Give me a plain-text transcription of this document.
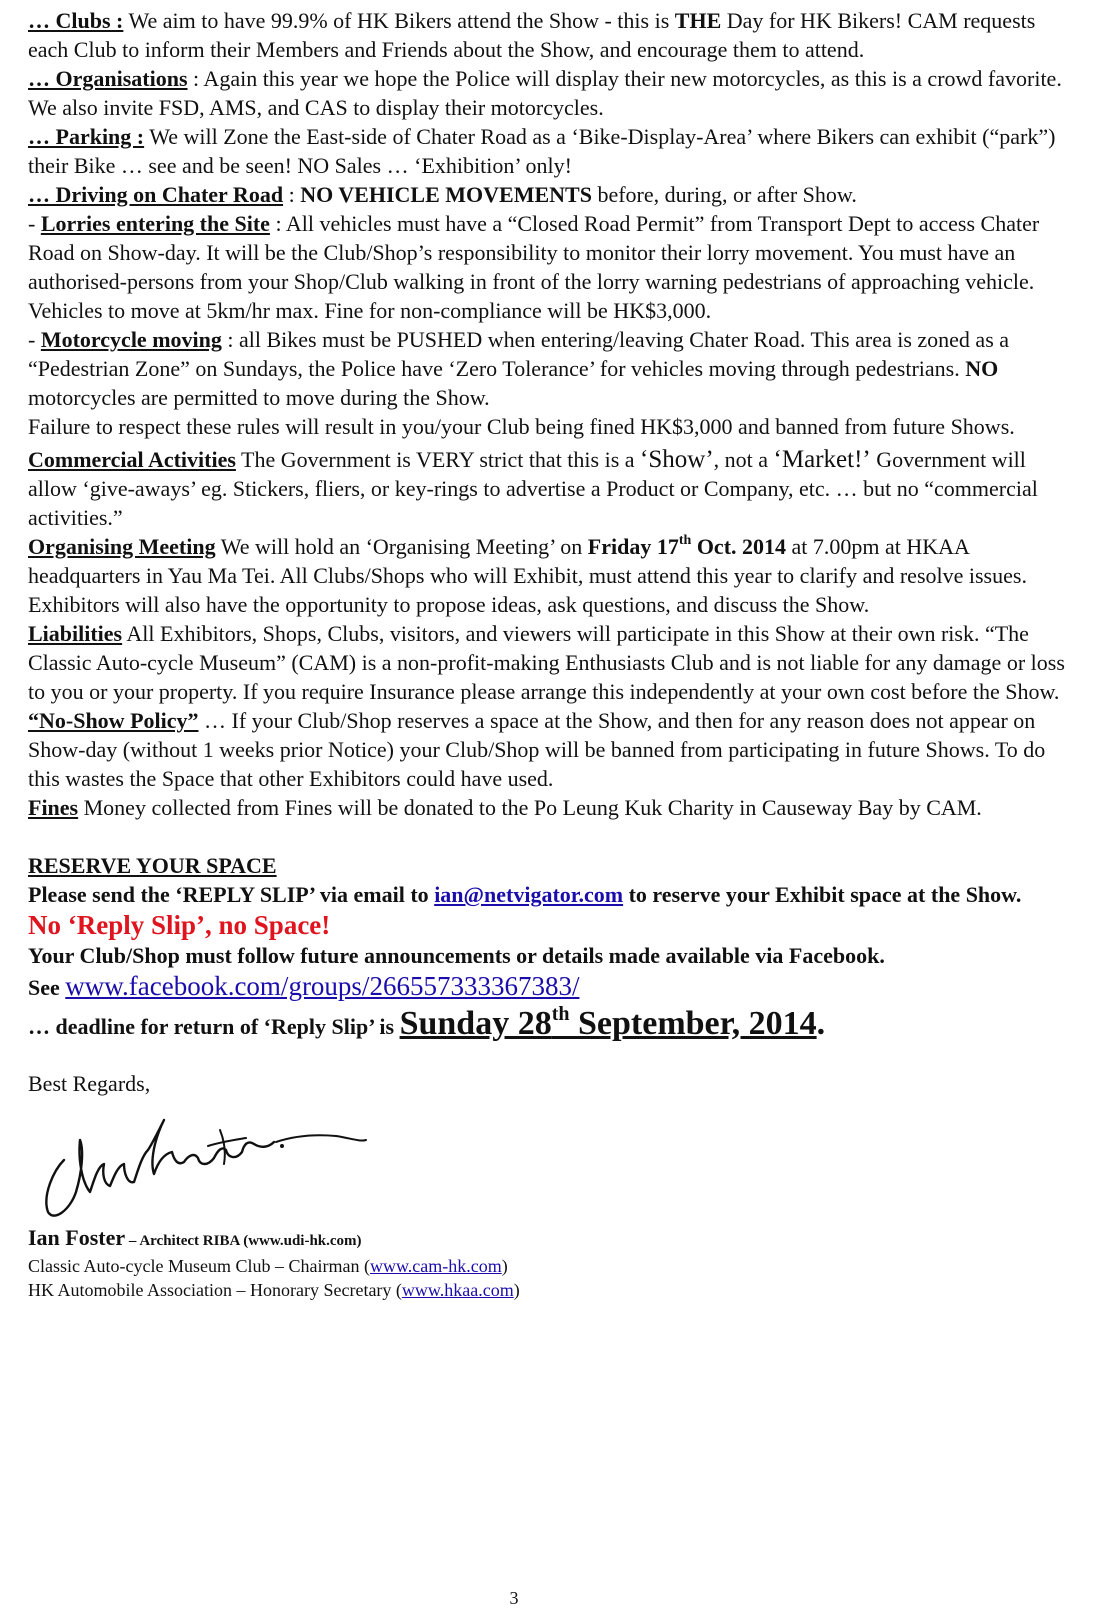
… Clubs : We aim to have 99.9% of HK Bikers attend the Show - this is THE Day for HK Bikers! CAM requests each Club to inform their Members and Friends about the Show, and encourage them to attend.

… Organisations : Again this year we hope the Police will display their new motorcycles, as this is a crowd favorite. We also invite FSD, AMS, and CAS to display their motorcycles.

… Parking : We will Zone the East-side of Chater Road as a ‘Bike-Display-Area’ where Bikers can exhibit (“park”) their Bike … see and be seen! NO Sales … ‘Exhibition’ only!

… Driving on Chater Road : NO VEHICLE MOVEMENTS before, during, or after Show.

- Lorries entering the Site : All vehicles must have a “Closed Road Permit” from Transport Dept to access Chater Road on Show-day. It will be the Club/Shop’s responsibility to monitor their lorry movement. You must have an authorised-persons from your Shop/Club walking in front of the lorry warning pedestrians of approaching vehicle. Vehicles to move at 5km/hr max. Fine for non-compliance will be HK$3,000.

- Motorcycle moving : all Bikes must be PUSHED when entering/leaving Chater Road. This area is zoned as a “Pedestrian Zone” on Sundays, the Police have ‘Zero Tolerance’ for vehicles moving through pedestrians. NO motorcycles are permitted to move during the Show.

Failure to respect these rules will result in you/your Club being fined HK$3,000 and banned from future Shows.

Commercial Activities The Government is VERY strict that this is a ‘Show’, not a ‘Market!’ Government will allow ‘give-aways’ eg. Stickers, fliers, or key-rings to advertise a Product or Company, etc. … but no “commercial activities.”

Organising Meeting We will hold an ‘Organising Meeting’ on Friday 17th Oct. 2014 at 7.00pm at HKAA headquarters in Yau Ma Tei. All Clubs/Shops who will Exhibit, must attend this year to clarify and resolve issues. Exhibitors will also have the opportunity to propose ideas, ask questions, and discuss the Show.

Liabilities All Exhibitors, Shops, Clubs, visitors, and viewers will participate in this Show at their own risk. “The Classic Auto-cycle Museum” (CAM) is a non-profit-making Enthusiasts Club and is not liable for any damage or loss to you or your property. If you require Insurance please arrange this independently at your own cost before the Show.

“No-Show Policy” … If your Club/Shop reserves a space at the Show, and then for any reason does not appear on Show-day (without 1 weeks prior Notice) your Club/Shop will be banned from participating in future Shows. To do this wastes the Space that other Exhibitors could have used.

Fines Money collected from Fines will be donated to the Po Leung Kuk Charity in Causeway Bay by CAM.

RESERVE YOUR SPACE

Please send the ‘REPLY SLIP’ via email to ian@netvigator.com to reserve your Exhibit space at the Show.

No ‘Reply Slip’, no Space!

Your Club/Shop must follow future announcements or details made available via Facebook.

See www.facebook.com/groups/266557333367383/

… deadline for return of ‘Reply Slip’ is Sunday 28th September, 2014.

Best Regards,

Ian Foster – Architect RIBA (www.udi-hk.com)

Classic Auto-cycle Museum Club – Chairman (www.cam-hk.com)

HK Automobile Association – Honorary Secretary (www.hkaa.com)

3
